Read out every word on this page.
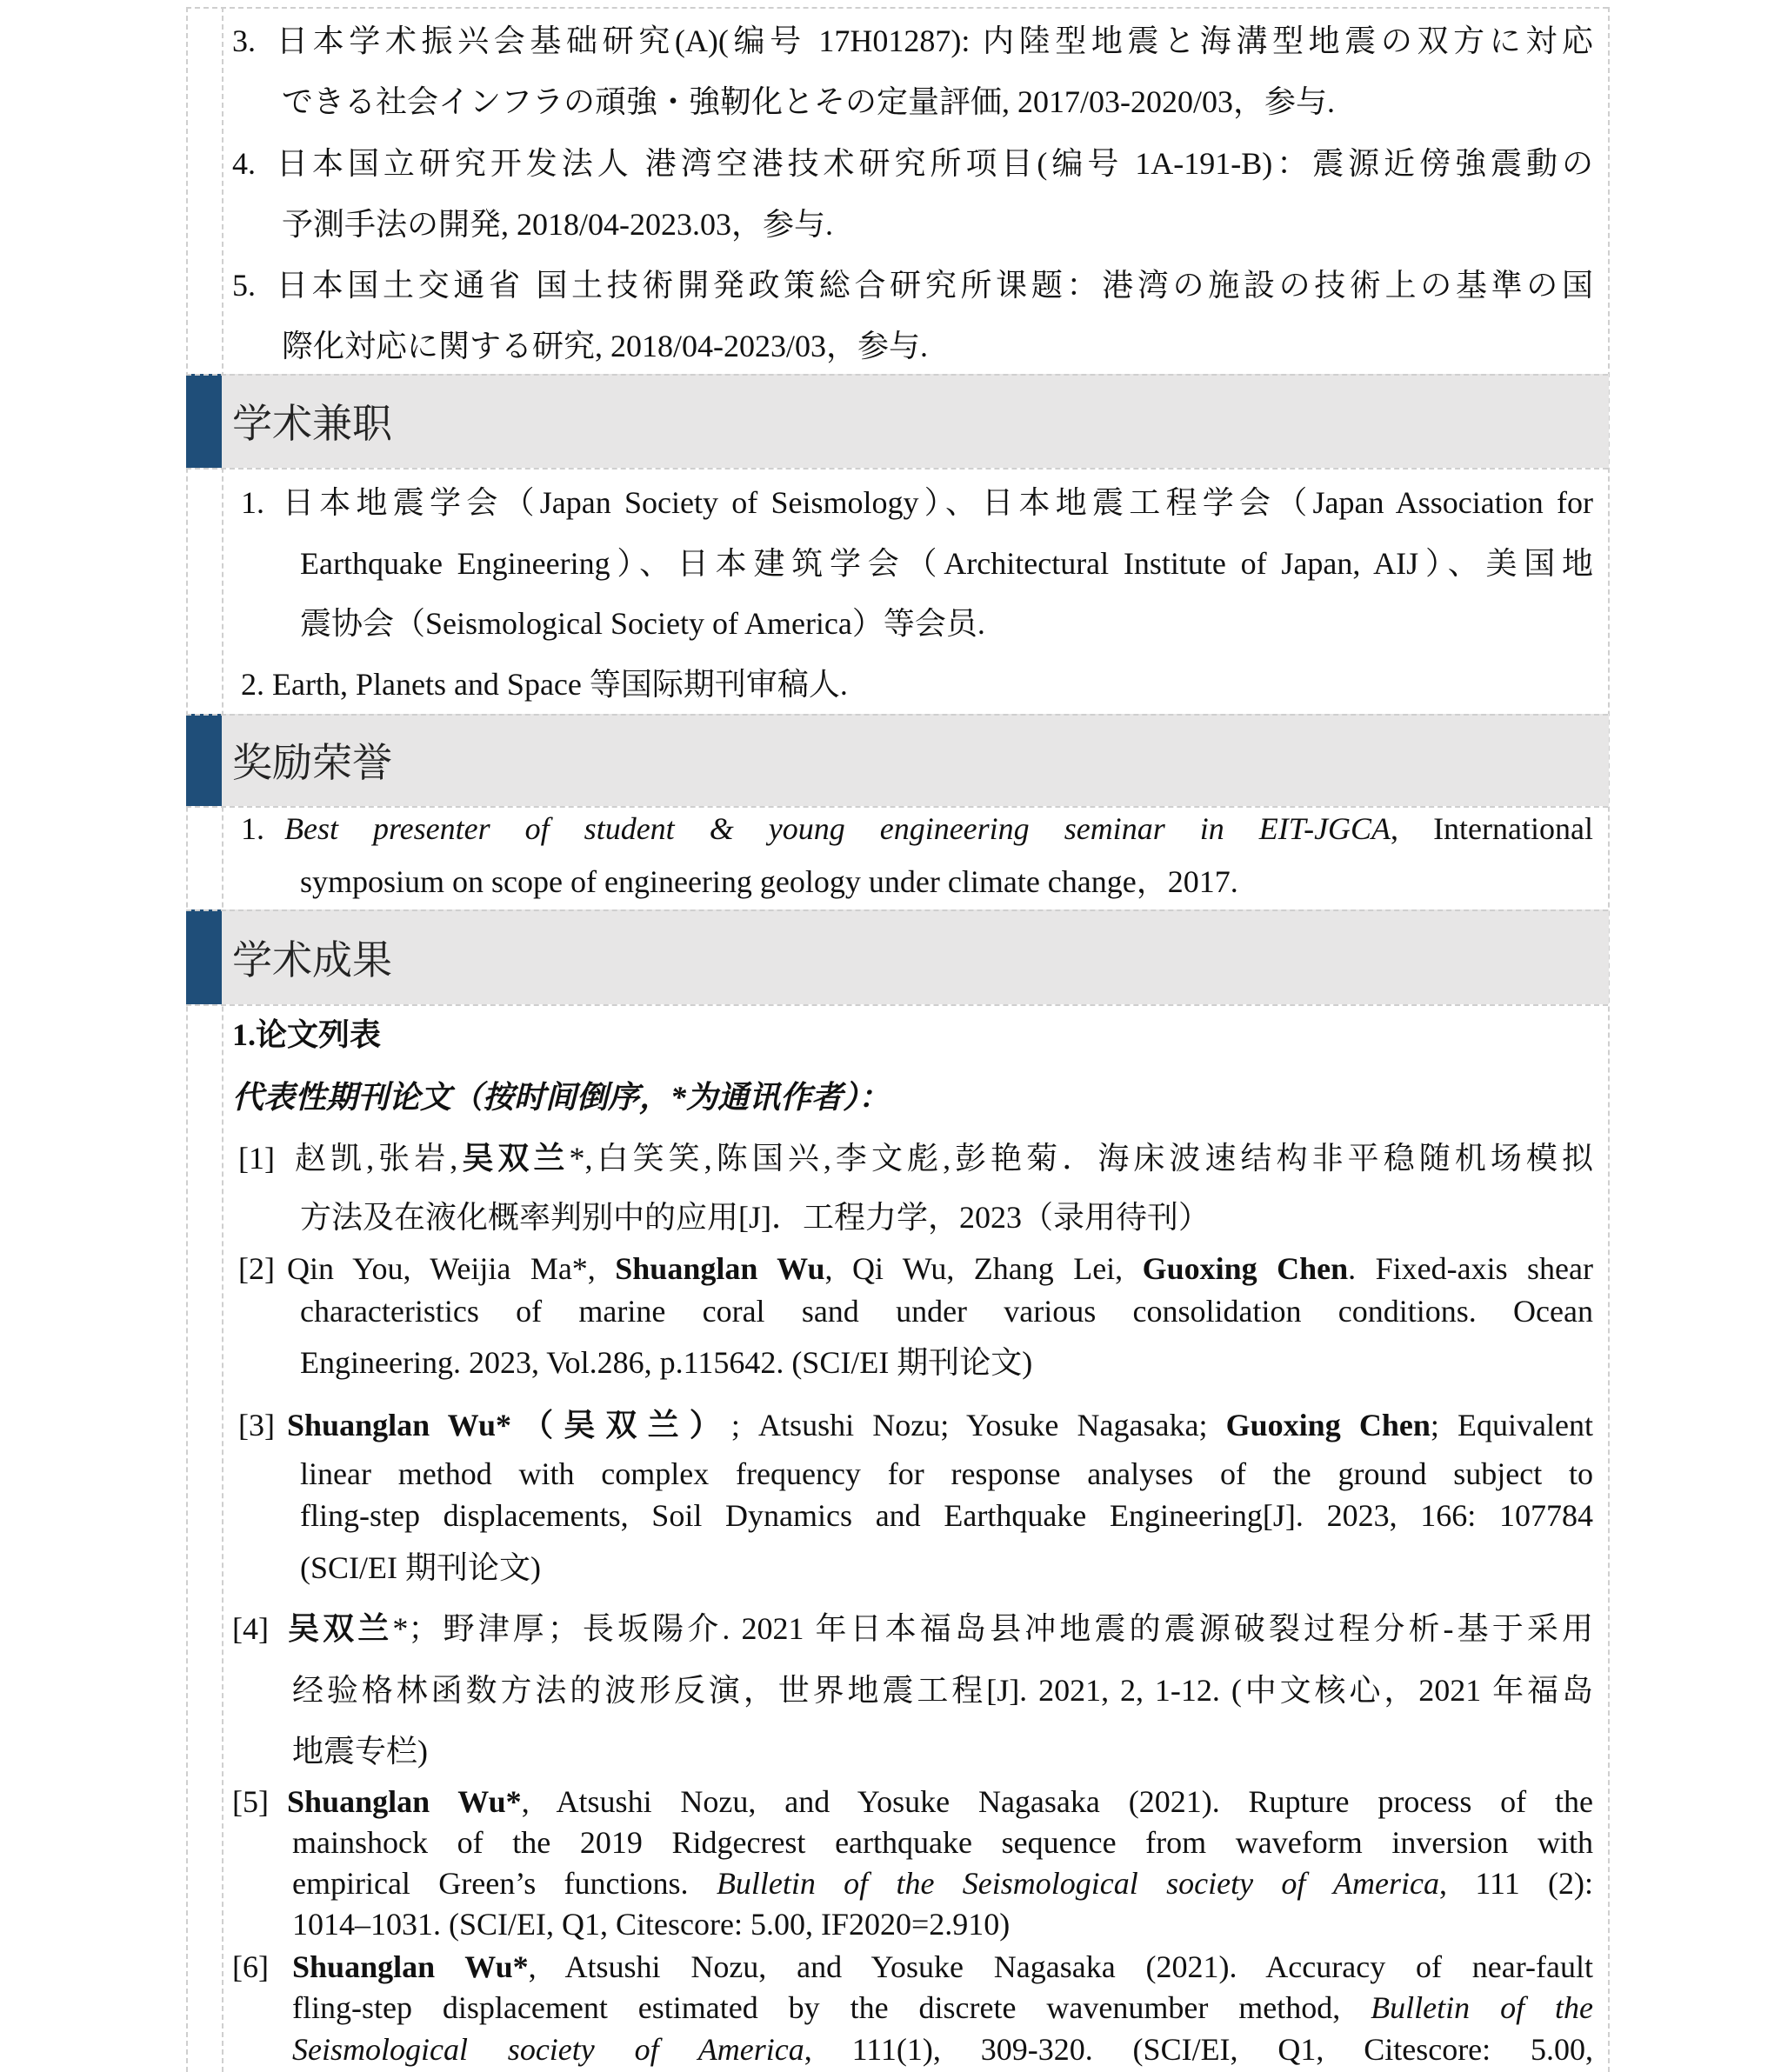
3. 日本学术振兴会基础研究(A)(编号 17H01287): 内陸型地震と海溝型地震の双方に対応
できる社会インフラの頑強・強靭化とその定量評価, 2017/03-2020/03，参与.
4. 日本国立研究开发法人 港湾空港技术研究所项目(编号 1A-191-B)：震源近傍強震動の
予測手法の開発, 2018/04-2023.03，参与.
5. 日本国土交通省 国土技術開発政策総合研究所课题：港湾の施設の技術上の基準の国
際化対応に関する研究, 2018/04-2023/03，参与.
学术兼职
1. 日本地震学会（Japan Society of Seismology）、日本地震工程学会（Japan Association for
Earthquake Engineering）、日本建筑学会（Architectural Institute of Japan, AIJ）、美国地
震协会（Seismological Society of America）等会员.
2. Earth, Planets and Space 等国际期刊审稿人.
奖励荣誉
1. Best presenter of student & young engineering seminar in EIT-JGCA, International
symposium on scope of engineering geology under climate change，2017.
学术成果
1.论文列表
代表性期刊论文（按时间倒序，*为通讯作者）：
[1] 赵凯,张岩,吴双兰*,白笑笑,陈国兴,李文彪,彭艳菊．海床波速结构非平稳随机场模拟
方法及在液化概率判别中的应用[J]．工程力学，2023（录用待刊）
[2] Qin You, Weijia Ma*, Shuanglan Wu, Qi Wu, Zhang Lei, Guoxing Chen. Fixed-axis shear
characteristics of marine coral sand under various consolidation conditions. Ocean
Engineering. 2023, Vol.286, p.115642. (SCI/EI 期刊论文)
[3] Shuanglan Wu*（吴双兰）; Atsushi Nozu; Yosuke Nagasaka; Guoxing Chen; Equivalent
linear method with complex frequency for response analyses of the ground subject to
fling-step displacements, Soil Dynamics and Earthquake Engineering[J]. 2023, 166: 107784
(SCI/EI 期刊论文)
[4] 吴双兰*；野津厚；長坂陽介. 2021 年日本福岛县冲地震的震源破裂过程分析-基于采用
经验格林函数方法的波形反演，世界地震工程[J]. 2021, 2, 1-12. (中文核心，2021 年福岛
地震专栏)
[5] Shuanglan Wu*, Atsushi Nozu, and Yosuke Nagasaka (2021). Rupture process of the
mainshock of the 2019 Ridgecrest earthquake sequence from waveform inversion with
empirical Green’s functions. Bulletin of the Seismological society of America, 111 (2):
1014–1031. (SCI/EI, Q1, Citescore: 5.00, IF2020=2.910)
[6] Shuanglan Wu*, Atsushi Nozu, and Yosuke Nagasaka (2021). Accuracy of near-fault
fling-step displacement estimated by the discrete wavenumber method, Bulletin of the
Seismological society of America, 111(1), 309-320. (SCI/EI, Q1, Citescore: 5.00,
